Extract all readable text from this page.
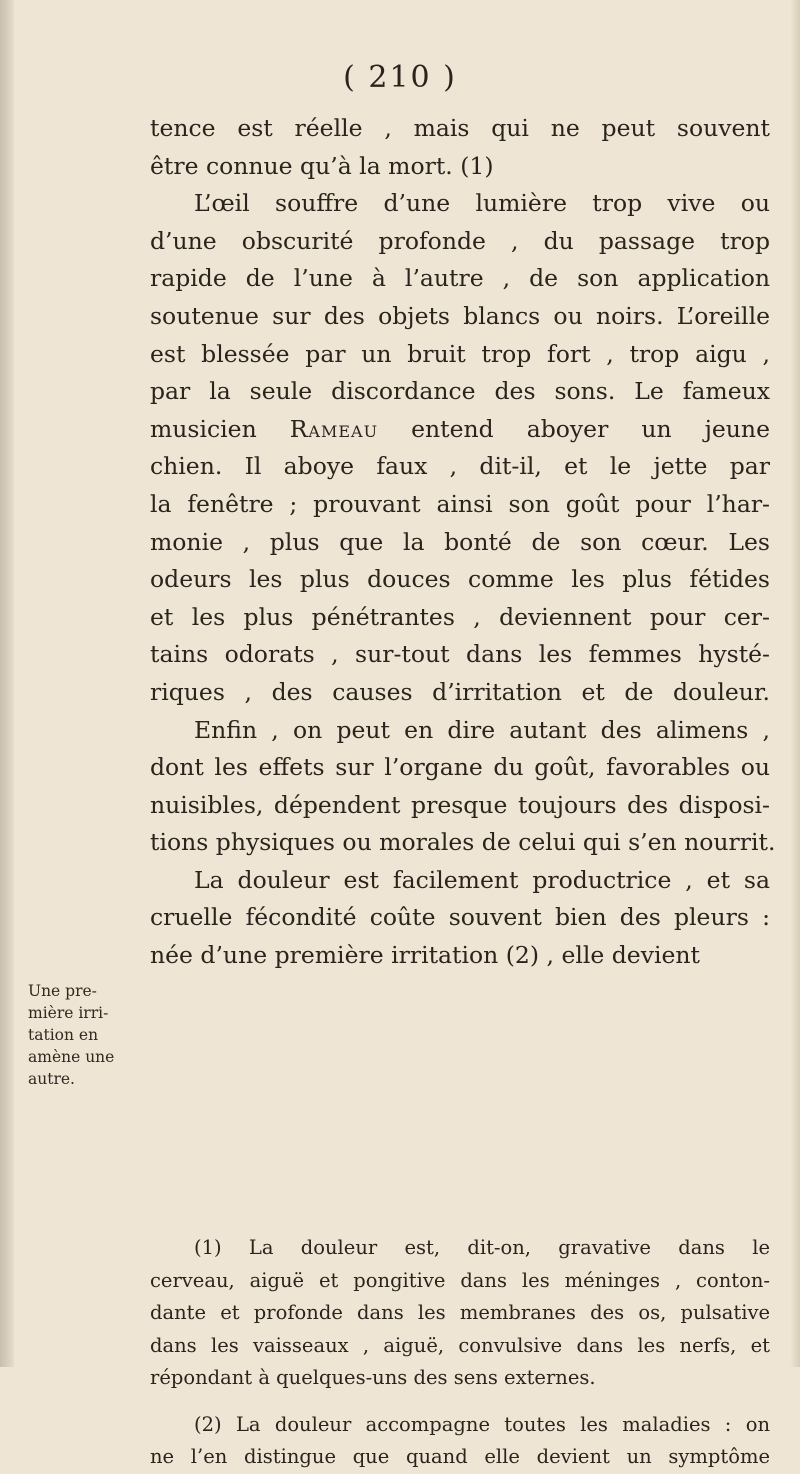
( 210 )
tence est réelle , mais qui ne peut souvent
être connue qu’à la mort. (1)
L’œil souffre d’une lumière trop vive ou
d’une obscurité profonde , du passage trop
rapide de l’une à l’autre , de son application
soutenue sur des objets blancs ou noirs. L’oreille
est blessée par un bruit trop fort , trop aigu ,
par la seule discordance des sons. Le fameux
musicien Rameau entend aboyer un jeune
chien. Il aboye faux , dit-il, et le jette par
la fenêtre ; prouvant ainsi son goût pour l’har-
monie , plus que la bonté de son cœur. Les
odeurs les plus douces comme les plus fétides
et les plus pénétrantes , deviennent pour cer-
tains odorats , sur-tout dans les femmes hysté-
riques , des causes d’irritation et de douleur.
Enfin , on peut en dire autant des alimens ,
dont les effets sur l’organe du goût, favorables ou
nuisibles, dépendent presque toujours des disposi-
tions physiques ou morales de celui qui s’en nourrit.
La douleur est facilement productrice , et sa
cruelle fécondité coûte souvent bien des pleurs :
née d’une première irritation (2) , elle devient
Une pre-
mière irri-
tation en
amène une
autre.
(1) La douleur est, dit-on, gravative dans le
cerveau, aiguë et pongitive dans les méninges , conton-
dante et profonde dans les membranes des os, pulsative
dans les vaisseaux , aiguë, convulsive dans les nerfs, et
répondant à quelques-uns des sens externes.
(2) La douleur accompagne toutes les maladies : on
ne l’en distingue que quand elle devient un symptôme
